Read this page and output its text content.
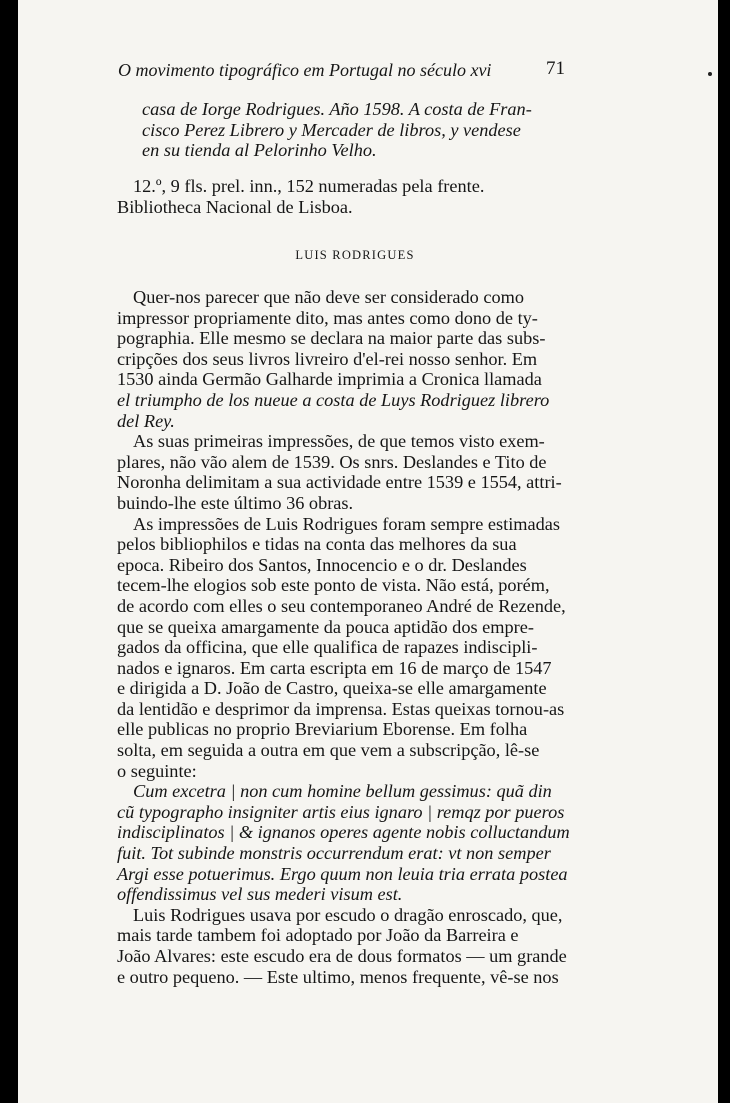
O movimento tipográfico em Portugal no século xvi	71
casa de Iorge Rodrigues. Año 1598. A costa de Fran-
cisco Perez Librero y Mercader de libros, y vendese
en su tienda al Pelorinho Velho.
12.º, 9 fls. prel. inn., 152 numeradas pela frente.
Bibliotheca Nacional de Lisboa.
LUIS RODRIGUES
Quer-nos parecer que não deve ser considerado como
impressor propriamente dito, mas antes como dono de ty-
pographia. Elle mesmo se declara na maior parte das subs-
cripções dos seus livros livreiro d'el-rei nosso senhor. Em
1530 ainda Germão Galharde imprimia a Cronica llamada
el triumpho de los nueue a costa de Luys Rodriguez librero
del Rey.
As suas primeiras impressões, de que temos visto exem-
plares, não vão alem de 1539. Os snrs. Deslandes e Tito de
Noronha delimitam a sua actividade entre 1539 e 1554, attri-
buindo-lhe este último 36 obras.
As impressões de Luis Rodrigues foram sempre estimadas
pelos bibliophilos e tidas na conta das melhores da sua
epoca. Ribeiro dos Santos, Innocencio e o dr. Deslandes
tecem-lhe elogios sob este ponto de vista. Não está, porém,
de acordo com elles o seu contemporaneo André de Rezende,
que se queixa amargamente da pouca aptidão dos empre-
gados da officina, que elle qualifica de rapazes indiscipli-
nados e ignaros. Em carta escripta em 16 de março de 1547
e dirigida a D. João de Castro, queixa-se elle amargamente
da lentidão e desprimor da imprensa. Estas queixas tornou-as
elle publicas no proprio Breviarium Eborense. Em folha
solta, em seguida a outra em que vem a subscripção, lê-se
o seguinte:
Cum excetra | non cum homine bellum gessimus: quã din
cũ typographo insigniter artis eius ignaro | remqz por pueros
indisciplinatos | & ignanos operes agente nobis colluctandum
fuit. Tot subinde monstris occurrendum erat: vt non semper
Argi esse potuerimus. Ergo quum non leuia tria errata postea
offendissimus vel sus mederi visum est.
Luis Rodrigues usava por escudo o dragão enroscado, que,
mais tarde tambem foi adoptado por João da Barreira e
João Alvares: este escudo era de dous formatos — um grande
e outro pequeno. — Este ultimo, menos frequente, vê-se nos
